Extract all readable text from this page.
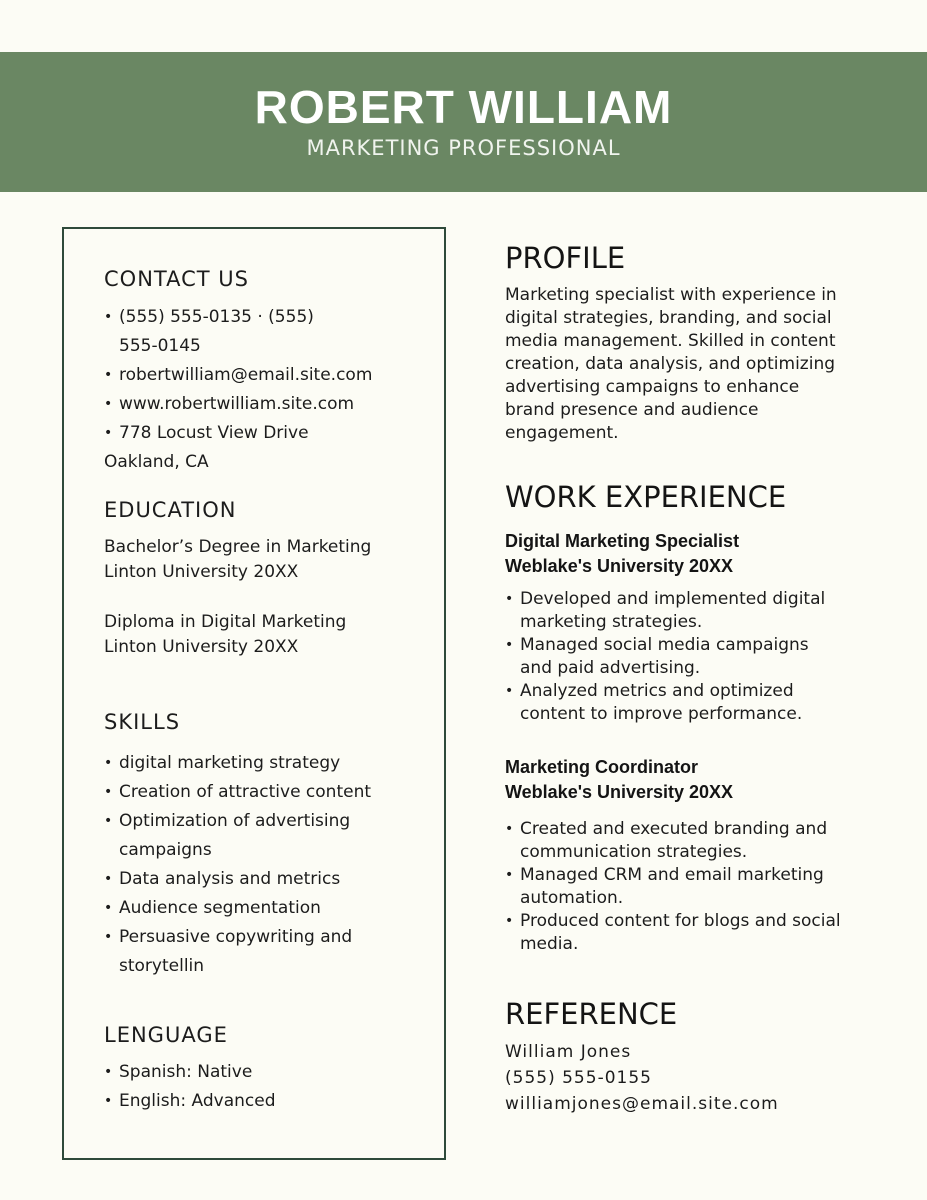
ROBERT WILLIAM
MARKETING PROFESSIONAL
CONTACT US
• (555) 555-0135 · (555) 555-0145
• robertwilliam@email.site.com
• www.robertwilliam.site.com
• 778 Locust View Drive
Oakland, CA
EDUCATION
Bachelor’s Degree in Marketing
Linton University 20XX
Diploma in Digital Marketing
Linton University 20XX
SKILLS
• digital marketing strategy
• Creation of attractive content
• Optimization of advertising campaigns
• Data analysis and metrics
• Audience segmentation
• Persuasive copywriting and storytellin
LENGUAGE
• Spanish: Native
• English: Advanced
PROFILE

Marketing specialist with experience in digital strategies, branding, and social media management. Skilled in content creation, data analysis, and optimizing advertising campaigns to enhance brand presence and audience engagement.

WORK EXPERIENCE
Digital Marketing Specialist
Weblake's University 20XX
• Developed and implemented digital marketing strategies.
• Managed social media campaigns and paid advertising.
• Analyzed metrics and optimized content to improve performance.
Marketing Coordinator
Weblake's University 20XX
• Created and executed branding and communication strategies.
• Managed CRM and email marketing automation.
• Produced content for blogs and social media.
REFERENCE
William Jones
(555) 555-0155
williamjones@email.site.com
